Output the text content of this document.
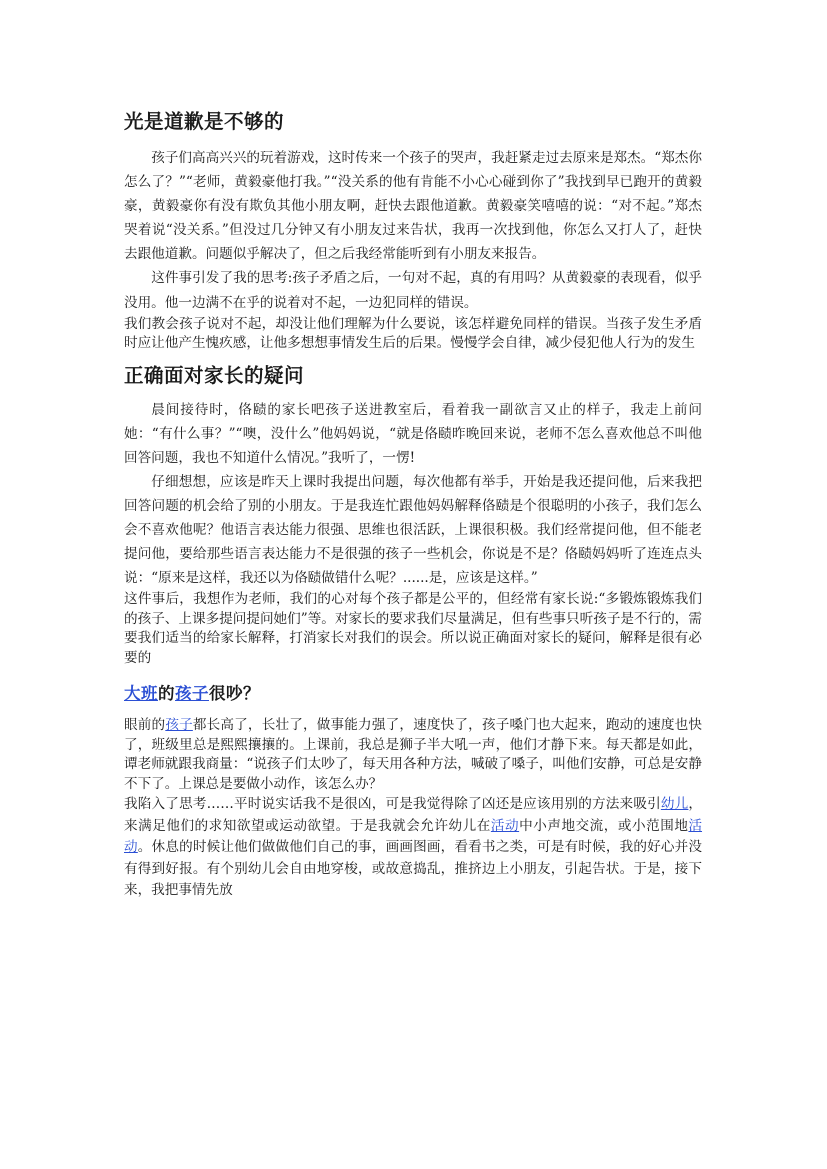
光是道歉是不够的

孩子们高高兴兴的玩着游戏，这时传来一个孩子的哭声，我赶紧走过去原来是郑杰。“郑杰你怎么了？”“老师，黄毅豪他打我。”“没关系的他有肯能不小心心碰到你了”我找到早已跑开的黄毅豪，黄毅豪你有没有欺负其他小朋友啊，赶快去跟他道歉。黄毅豪笑嘻嘻的说：“对不起。”郑杰哭着说“没关系。”但没过几分钟又有小朋友过来告状，我再一次找到他，你怎么又打人了，赶快去跟他道歉。问题似乎解决了，但之后我经常能听到有小朋友来报告。

这件事引发了我的思考:孩子矛盾之后，一句对不起，真的有用吗？从黄毅豪的表现看，似乎没用。他一边满不在乎的说着对不起，一边犯同样的错误。

我们教会孩子说对不起，却没让他们理解为什么要说，该怎样避免同样的错误。当孩子发生矛盾时应让他产生愧疚感，让他多想想事情发生后的后果。慢慢学会自律，减少侵犯他人行为的发生

正确面对家长的疑问

晨间接待时，佫赜的家长吧孩子送进教室后，看着我一副欲言又止的样子，我走上前问她：“有什么事？”“噢，没什么”他妈妈说，“就是佫赜昨晚回来说，老师不怎么喜欢他总不叫他回答问题，我也不知道什么情况。”我听了，一愣!

仔细想想，应该是昨天上课时我提出问题，每次他都有举手，开始是我还提问他，后来我把回答问题的机会给了别的小朋友。于是我连忙跟他妈妈解释佫赜是个很聪明的小孩子，我们怎么会不喜欢他呢？他语言表达能力很强、思维也很活跃，上课很积极。我们经常提问他，但不能老提问他，要给那些语言表达能力不是很强的孩子一些机会，你说是不是？佫赜妈妈听了连连点头说：“原来是这样，我还以为佫赜做错什么呢？......是，应该是这样。”

这件事后，我想作为老师，我们的心对每个孩子都是公平的，但经常有家长说:“多锻炼锻炼我们的孩子、上课多提问提问她们”等。对家长的要求我们尽量满足，但有些事只听孩子是不行的，需要我们适当的给家长解释，打消家长对我们的误会。所以说正确面对家长的疑问，解释是很有必要的

大班的孩子很吵？

眼前的孩子都长高了，长壮了，做事能力强了，速度快了，孩子嗓门也大起来，跑动的速度也快了，班级里总是熙熙攘攘的。上课前，我总是狮子半大吼一声，他们才静下来。每天都是如此，谭老师就跟我商量：“说孩子们太吵了，每天用各种方法，喊破了嗓子，叫他们安静，可总是安静不下了。上课总是要做小动作，该怎么办？

我陷入了思考……平时说实话我不是很凶，可是我觉得除了凶还是应该用别的方法来吸引幼儿，来满足他们的求知欲望或运动欲望。于是我就会允许幼儿在活动中小声地交流，或小范围地活动。休息的时候让他们做做他们自己的事，画画图画，看看书之类，可是有时候，我的好心并没有得到好报。有个别幼儿会自由地穿梭，或故意捣乱，推挤边上小朋友，引起告状。于是，接下来，我把事情先放
